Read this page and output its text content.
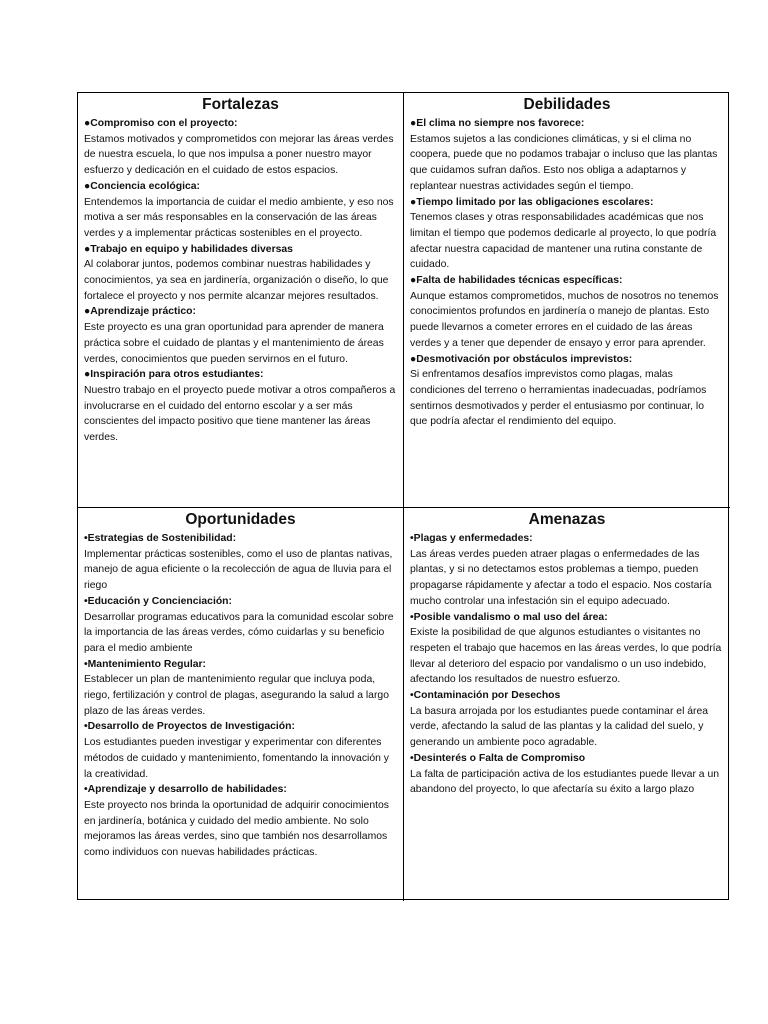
Fortalezas

●Compromiso con el proyecto:

Estamos motivados y comprometidos con mejorar las áreas verdes de nuestra escuela, lo que nos impulsa a poner nuestro mayor esfuerzo y dedicación en el cuidado de estos espacios.

●Conciencia ecológica:

Entendemos la importancia de cuidar el medio ambiente, y eso nos motiva a ser más responsables en la conservación de las áreas verdes y a implementar prácticas sostenibles en el proyecto.

●Trabajo en equipo y habilidades diversas

Al colaborar juntos, podemos combinar nuestras habilidades y conocimientos, ya sea en jardinería, organización o diseño, lo que fortalece el proyecto y nos permite alcanzar mejores resultados.

●Aprendizaje práctico:

Este proyecto es una gran oportunidad para aprender de manera práctica sobre el cuidado de plantas y el mantenimiento de áreas verdes, conocimientos que pueden servirnos en el futuro.

●Inspiración para otros estudiantes:

Nuestro trabajo en el proyecto puede motivar a otros compañeros a involucrarse en el cuidado del entorno escolar y a ser más conscientes del impacto positivo que tiene mantener las áreas verdes.

Debilidades

●El clima no siempre nos favorece:

Estamos sujetos a las condiciones climáticas, y si el clima no coopera, puede que no podamos trabajar o incluso que las plantas que cuidamos sufran daños. Esto nos obliga a adaptarnos y replantear nuestras actividades según el tiempo.

●Tiempo limitado por las obligaciones escolares:

Tenemos clases y otras responsabilidades académicas que nos limitan el tiempo que podemos dedicarle al proyecto, lo que podría afectar nuestra capacidad de mantener una rutina constante de cuidado.

●Falta de habilidades técnicas específicas:

Aunque estamos comprometidos, muchos de nosotros no tenemos conocimientos profundos en jardinería o manejo de plantas. Esto puede llevarnos a cometer errores en el cuidado de las áreas verdes y a tener que depender de ensayo y error para aprender.

●Desmotivación por obstáculos imprevistos:

Si enfrentamos desafíos imprevistos como plagas, malas condiciones del terreno o herramientas inadecuadas, podríamos sentirnos desmotivados y perder el entusiasmo por continuar, lo que podría afectar el rendimiento del equipo.

Oportunidades

•Estrategias de Sostenibilidad:

Implementar prácticas sostenibles, como el uso de plantas nativas, manejo de agua eficiente o la recolección de agua de lluvia para el riego

•Educación y Concienciación:

Desarrollar programas educativos para la comunidad escolar sobre la importancia de las áreas verdes, cómo cuidarlas y su beneficio para el medio ambiente

•Mantenimiento Regular:

Establecer un plan de mantenimiento regular que incluya poda, riego, fertilización y control de plagas, asegurando la salud a largo plazo de las áreas verdes.

•Desarrollo de Proyectos de Investigación:

Los estudiantes pueden investigar y experimentar con diferentes métodos de cuidado y mantenimiento, fomentando la innovación y la creatividad.

•Aprendizaje y desarrollo de habilidades:

Este proyecto nos brinda la oportunidad de adquirir conocimientos en jardinería, botánica y cuidado del medio ambiente. No solo mejoramos las áreas verdes, sino que también nos desarrollamos como individuos con nuevas habilidades prácticas.

Amenazas

•Plagas y enfermedades:

Las áreas verdes pueden atraer plagas o enfermedades de las plantas, y si no detectamos estos problemas a tiempo, pueden propagarse rápidamente y afectar a todo el espacio. Nos costaría mucho controlar una infestación sin el equipo adecuado.

•Posible vandalismo o mal uso del área:

Existe la posibilidad de que algunos estudiantes o visitantes no respeten el trabajo que hacemos en las áreas verdes, lo que podría llevar al deterioro del espacio por vandalismo o un uso indebido, afectando los resultados de nuestro esfuerzo.

•Contaminación por Desechos

La basura arrojada por los estudiantes puede contaminar el área verde, afectando la salud de las plantas y la calidad del suelo, y generando un ambiente poco agradable.

•Desinterés o Falta de Compromiso

La falta de participación activa de los estudiantes puede llevar a un abandono del proyecto, lo que afectaría su éxito a largo plazo
